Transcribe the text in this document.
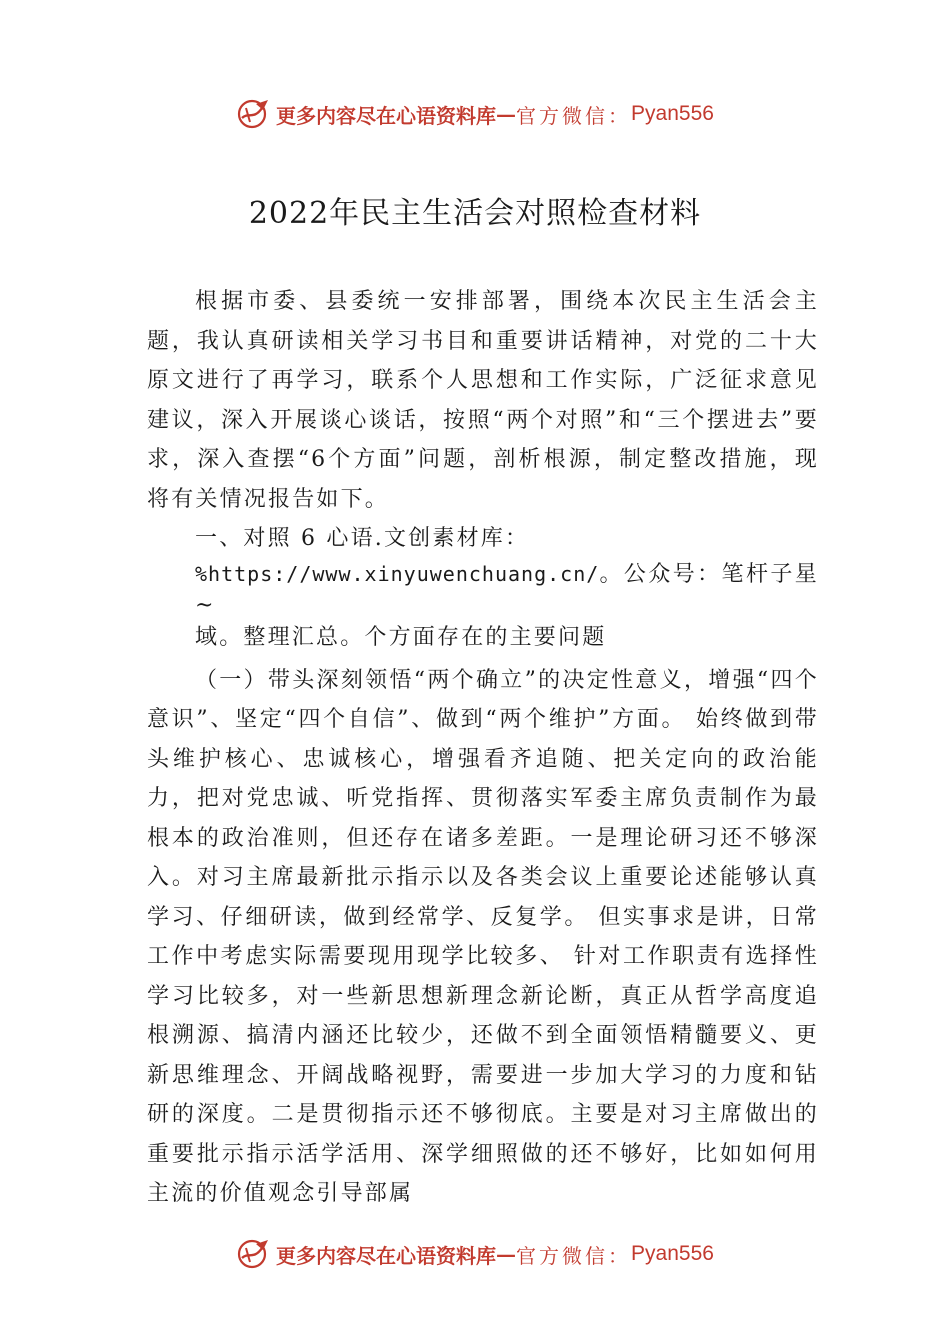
更多内容尽在心语资料库 — 官方微信： Pyan556
2022年民主生活会对照检查材料

根据市委、县委统一安排部署，围绕本次民主生活会主题，我认真研读相关学习书目和重要讲话精神，对党的二十大原文进行了再学习，联系个人思想和工作实际，广泛征求意见建议，深入开展谈心谈话，按照“两个对照”和“三个摆进去”要求，深入查摆“6个方面”问题，剖析根源，制定整改措施，现将有关情况报告如下。

一、对照 6 心语.文创素材库：

%https://www.xinyuwenchuang.cn/。公众号：笔杆子星~

域。整理汇总。个方面存在的主要问题

（一）带头深刻领悟“两个确立”的决定性意义，增强“四个意识”、坚定“四个自信”、做到“两个维护”方面。 始终做到带头维护核心、忠诚核心，增强看齐追随、把关定向的政治能力，把对党忠诚、听党指挥、贯彻落实军委主席负责制作为最根本的政治准则，但还存在诸多差距。一是理论研习还不够深入。对习主席最新批示指示以及各类会议上重要论述能够认真学习、仔细研读，做到经常学、反复学。 但实事求是讲，日常工作中考虑实际需要现用现学比较多、 针对工作职责有选择性学习比较多，对一些新思想新理念新论断，真正从哲学高度追根溯源、搞清内涵还比较少，还做不到全面领悟精髓要义、更新思维理念、开阔战略视野，需要进一步加大学习的力度和钻研的深度。二是贯彻指示还不够彻底。主要是对习主席做出的重要批示指示活学活用、深学细照做的还不够好，比如如何用主流的价值观念引导部属

更多内容尽在心语资料库 — 官方微信： Pyan556
